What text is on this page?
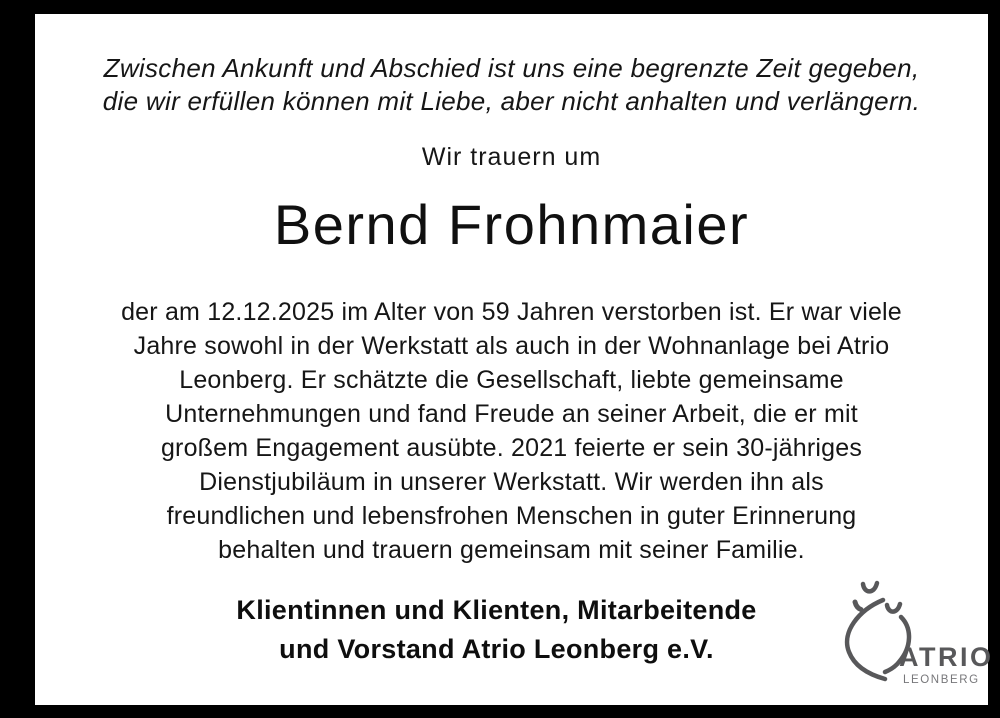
Zwischen Ankunft und Abschied ist uns eine begrenzte Zeit gegeben,
die wir erfüllen können mit Liebe, aber nicht anhalten und verlängern.
Wir trauern um
Bernd Frohnmaier
der am 12.12.2025 im Alter von 59 Jahren verstorben ist. Er war viele
Jahre sowohl in der Werkstatt als auch in der Wohnanlage bei Atrio
Leonberg. Er schätzte die Gesellschaft, liebte gemeinsame
Unternehmungen und fand Freude an seiner Arbeit, die er mit
großem Engagement ausübte. 2021 feierte er sein 30-jähriges
Dienstjubiläum in unserer Werkstatt. Wir werden ihn als
freundlichen und lebensfrohen Menschen in guter Erinnerung
behalten und trauern gemeinsam mit seiner Familie.
Klientinnen und Klienten, Mitarbeitende
und Vorstand Atrio Leonberg e.V.	ATRIO
LEONBERG
